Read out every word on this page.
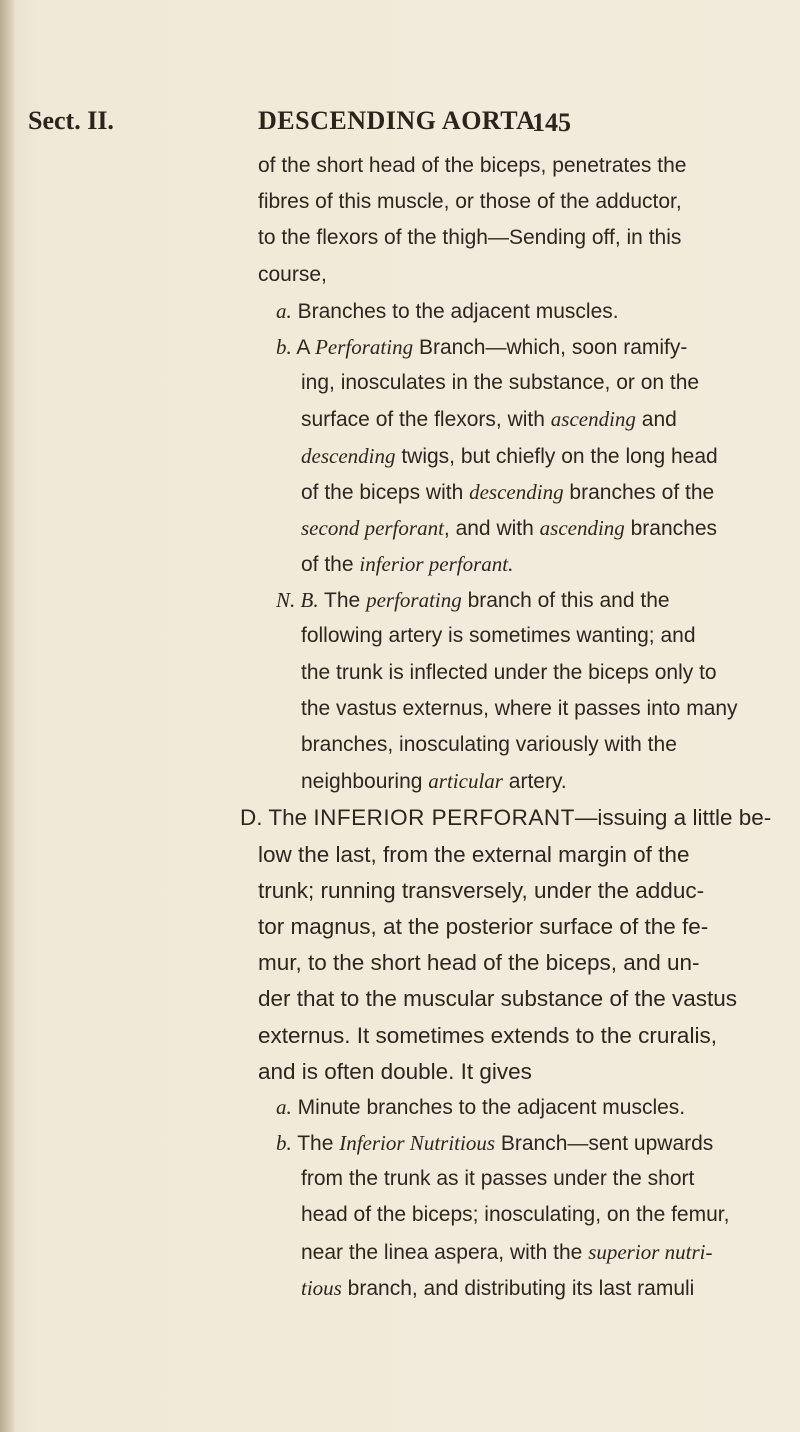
Sect. II.	DESCENDING AORTA.
145
of the short head of the biceps, penetrates the
fibres of this muscle, or those of the adductor,
to the flexors of the thigh—Sending off, in this
course,
a. Branches to the adjacent muscles.
b. A Perforating Branch—which, soon ramify-
ing, inosculates in the substance, or on the
surface of the flexors, with ascending and
descending twigs, but chiefly on the long head
of the biceps with descending branches of the
second perforant, and with ascending branches
of the inferior perforant.
N. B. The perforating branch of this and the
following artery is sometimes wanting; and
the trunk is inflected under the biceps only to
the vastus externus, where it passes into many
branches, inosculating variously with the
neighbouring articular artery.
D. The INFERIOR PERFORANT—issuing a little be-
low the last, from the external margin of the
trunk; running transversely, under the adduc-
tor magnus, at the posterior surface of the fe-
mur, to the short head of the biceps, and un-
der that to the muscular substance of the vastus
externus. It sometimes extends to the cruralis,
and is often double. It gives
a. Minute branches to the adjacent muscles.
b. The Inferior Nutritious Branch—sent upwards
from the trunk as it passes under the short
head of the biceps; inosculating, on the femur,
near the linea aspera, with the superior nutri-
tious branch, and distributing its last ramuli
